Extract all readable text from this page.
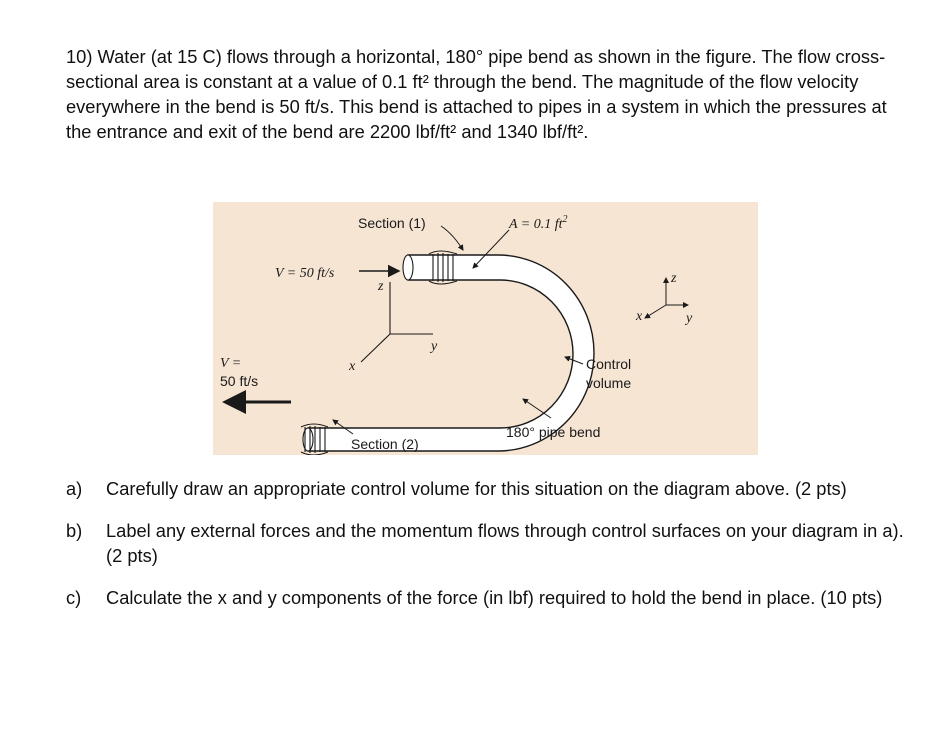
10) Water (at 15 C) flows through a horizontal, 180° pipe bend as shown in the figure. The flow cross-sectional area is constant at a value of 0.1 ft² through the bend. The magnitude of the flow velocity everywhere in the bend is 50 ft/s. This bend is attached to pipes in a system in which the pressures at the entrance and exit of the bend are 2200 lbf/ft² and 1340 lbf/ft².

z
y
x
z
y
x
Section (1)	A = 0.1 $ft^2$
V = 50 ft/s
V =
50 ft/s
Control
volume
180° pipe bend
Section (2)
a)	Carefully draw an appropriate control volume for this situation on the diagram above. (2 pts)
b)	Label any external forces and the momentum flows through control surfaces on your diagram in a). (2 pts)
c)	Calculate the x and y components of the force (in lbf) required to hold the bend in place. (10 pts)
